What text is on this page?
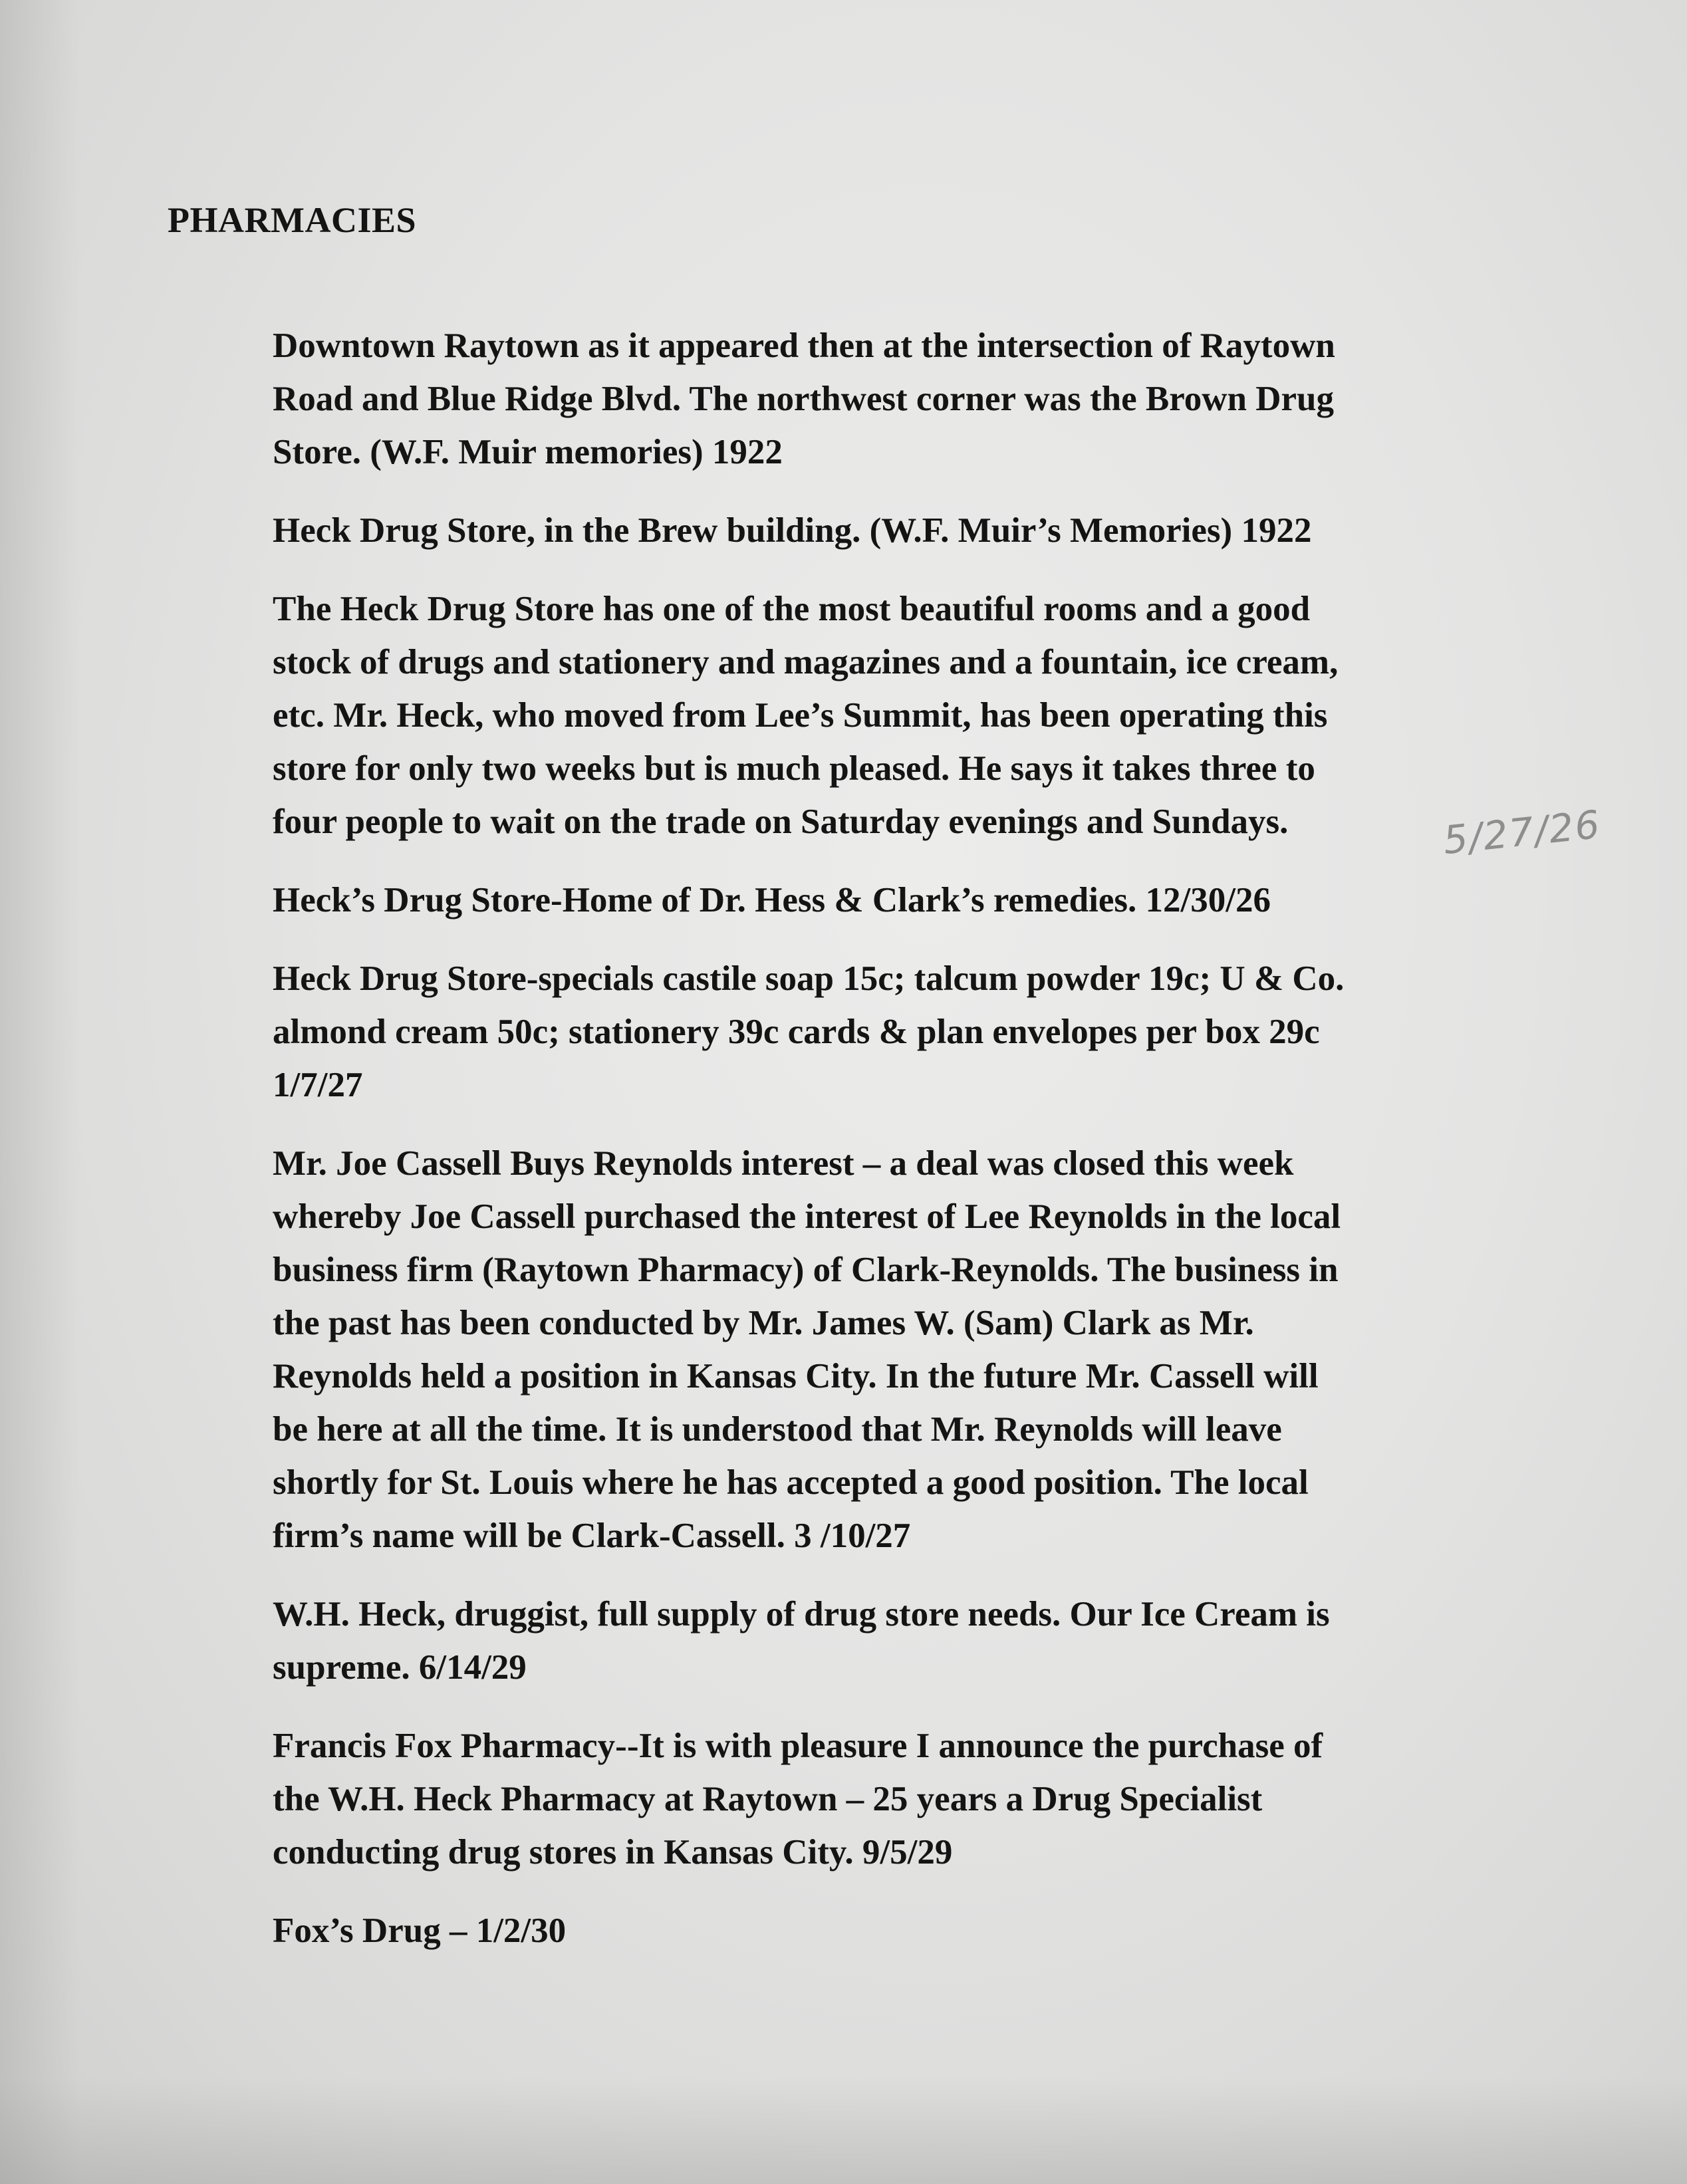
PHARMACIES

Downtown Raytown as it appeared then at the intersection of Raytown
Road and Blue Ridge Blvd. The northwest corner was the Brown Drug
Store. (W.F. Muir memories) 1922

Heck Drug Store, in the Brew building. (W.F. Muir’s Memories) 1922

The Heck Drug Store has one of the most beautiful rooms and a good
stock of drugs and stationery and magazines and a fountain, ice cream,
etc. Mr. Heck, who moved from Lee’s Summit, has been operating this
store for only two weeks but is much pleased. He says it takes three to
four people to wait on the trade on Saturday evenings and Sundays.

Heck’s Drug Store-Home of Dr. Hess & Clark’s remedies. 12/30/26

Heck Drug Store-specials castile soap 15c; talcum powder 19c; U & Co.
almond cream 50c; stationery 39c cards & plan envelopes per box 29c
1/7/27

Mr. Joe Cassell Buys Reynolds interest – a deal was closed this week
whereby Joe Cassell purchased the interest of Lee Reynolds in the local
business firm (Raytown Pharmacy) of Clark-Reynolds. The business in
the past has been conducted by Mr. James W. (Sam) Clark as Mr.
Reynolds held a position in Kansas City. In the future Mr. Cassell will
be here at all the time. It is understood that Mr. Reynolds will leave
shortly for St. Louis where he has accepted a good position. The local
firm’s name will be Clark-Cassell. 3 /10/27

W.H. Heck, druggist, full supply of drug store needs. Our Ice Cream is
supreme. 6/14/29

Francis Fox Pharmacy--It is with pleasure I announce the purchase of
the W.H. Heck Pharmacy at Raytown – 25 years a Drug Specialist
conducting drug stores in Kansas City. 9/5/29

Fox’s Drug – 1/2/30

5/27/26
